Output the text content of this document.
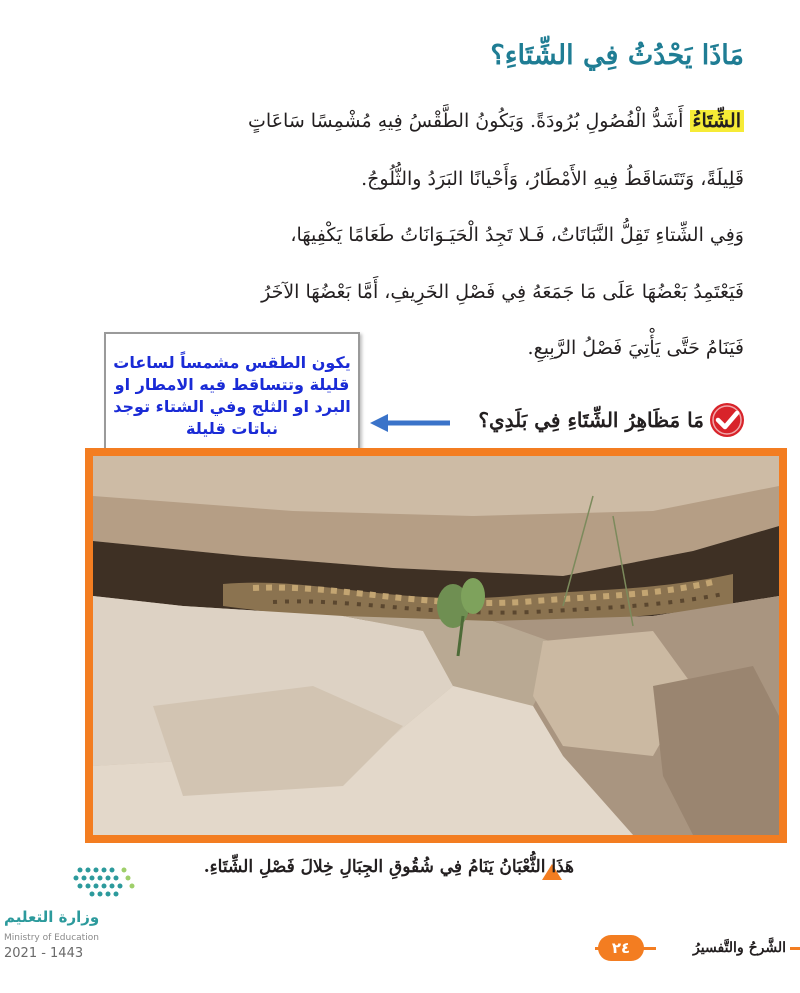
مَاذَا يَحْدُثُ فِي الشِّتَاءِ؟
الشِّتَاءُ أَشَدُّ الْفُصُولِ بُرُودَةً. وَيَكُونُ الطَّقْسُ فِيهِ مُشْمِسًا سَاعَاتٍ
قَلِيلَةً، وَتَتَسَاقَطُ فِيهِ الأَمْطَارُ، وَأَحْيانًا البَرَدُ والثُّلُوجُ.
وَفِي الشِّتاءِ تَقِلُّ النَّبَاتَاتُ، فَـلا تَجِدُ الْحَيَـوَانَاتُ طَعَامًا يَكْفِيهَا،
فَيَعْتَمِدُ بَعْضُهَا عَلَى مَا جَمَعَهُ فِي فَصْلِ الخَرِيفِ، أَمَّا بَعْضُهَا الآخَرُ
فَيَنَامُ حَتَّى يَأْتِيَ فَصْلُ الرَّبِيعِ.
يكون الطقس مشمساً لساعات
قليلة وتتساقط فيه الامطار او
البرد او الثلج وفي الشتاء توجد
نباتات قليلة	مَا مَظَاهِرُ الشِّتَاءِ فِي بَلَدِي؟
هَذَا الثُّعْبَانُ يَنَامُ فِي شُقُوقِ الجِبَالِ خِلالَ فَصْلِ الشِّتَاءِ.
وزارة التعليم
Ministry of Education
2021 - 1443	٢٤	الشَّرحُ والتَّفسيرُ
